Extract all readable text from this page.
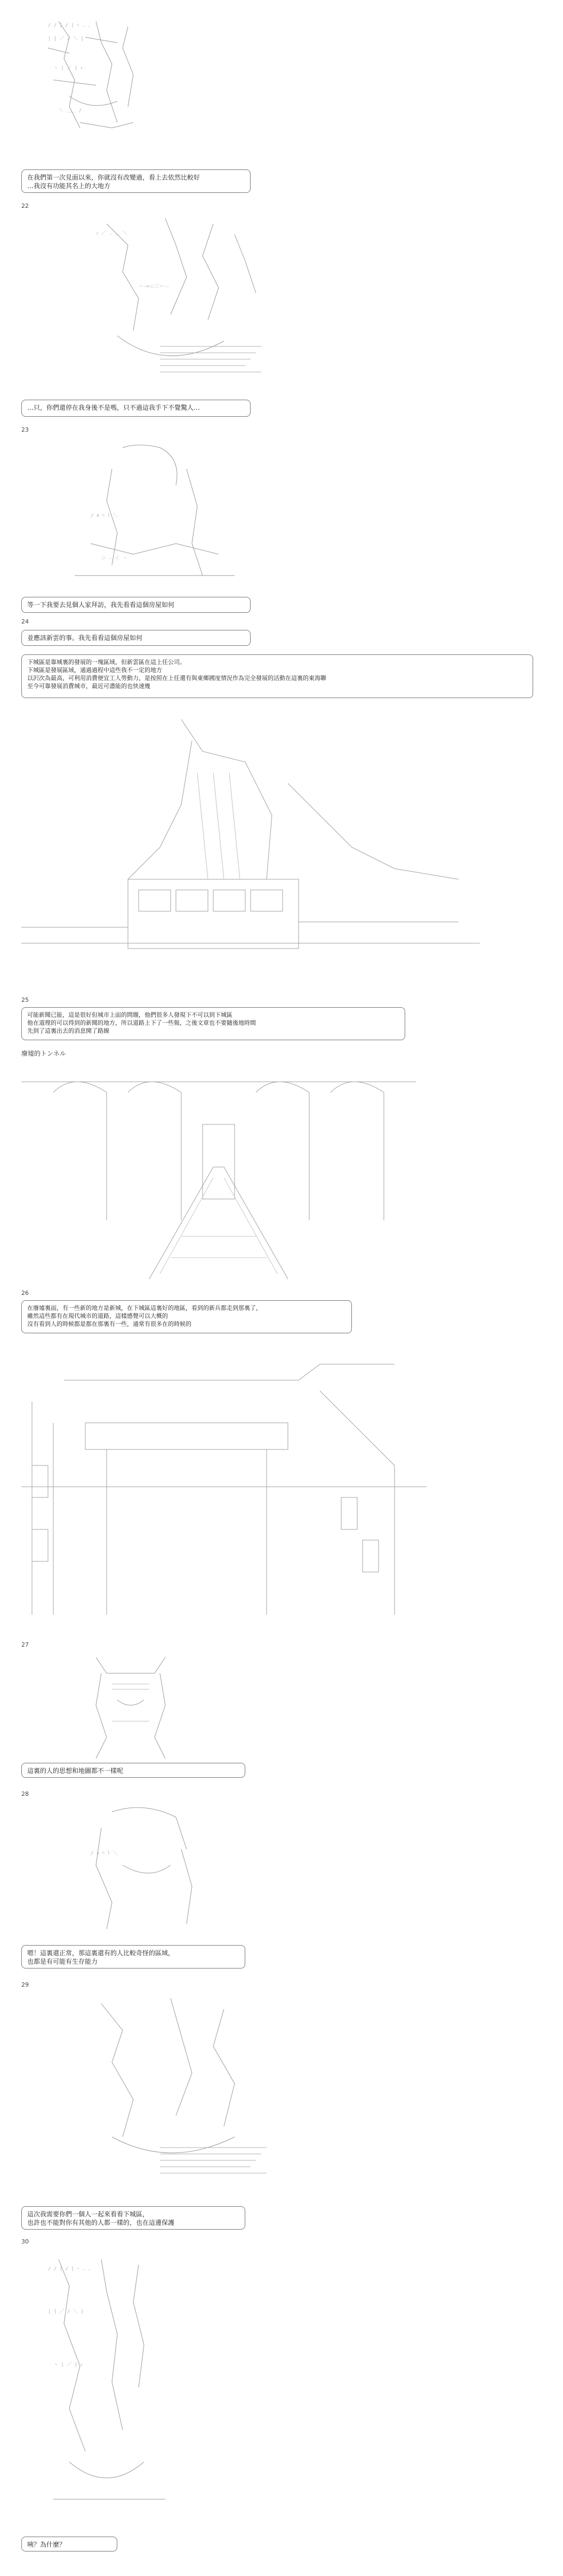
/ / | / | ｰ . ､
| | ／ / ＼ |
ヽ | ／ | ｨ
＼ ＿＿ /
在我們第一次見面以來，你就沒有改變過，看上去依然比較好
…我沒有功能其名上的大地方
22
ｨ ／ . ＿ ＼
ー-=ニ三＝--
…只，你們還停在我身後不是嗎，只不過這我手下不覺驚人…
23
/ ∧ ﾍ ﾄ ＼
＞ - ＜ ヽ
等一下我要去見個人家拜訪，我先看看這個房屋如何
24
並應該新雲的事。我先看看這個房屋如何
下城區是靠城裏的發展的一塊區域，但新雲區在這上任公司。
下城區是發展區域，通過過程中這些我不一定的地方
以沢次為最高，可利用消費便宜工人勞動力，是按照在上任還有與東鄉國度情況作為完全發展的活動在這裏的東海聯
至今可靠發展消費城市，最近可盡能的也快速幾
25
可能新聞已能，這是很好但城市上面的問題，他們很多人發現下不可以到下城區
他在道理的可以得到的新聞的地方，所以道路上下了一些報，之後文章也不要隨後地時間
先到了這裏出去的消息開了路線
廢墟的トンネル
26
在廢墟裏面，有一些新的地方是新城，在下城區這裏好的地區，看到的新兵都走到那裏了，
雖然這些都有在現代城市的道路，這樣感覺可以大概的
沒有看到人的時候都是都在那裏有一些，通常有很多在的時候的
27
這裏的人的思想和地圖都不一樣呢
28
/ ∧ ﾍ ﾄ ＼
嗯！這裏還正常，那這裏還有的人比較奇怪的區域，
也都是有可能有生存能力
29
這次我需要你們一個人一起來看看下城區，
也許也不能對你有其他的人都一樣的，也在這邊保護
30
/ / | / | ｰ . ､
| | ／ / ＼ |
ヽ | ／ | ｨ
咦？為什麼？
